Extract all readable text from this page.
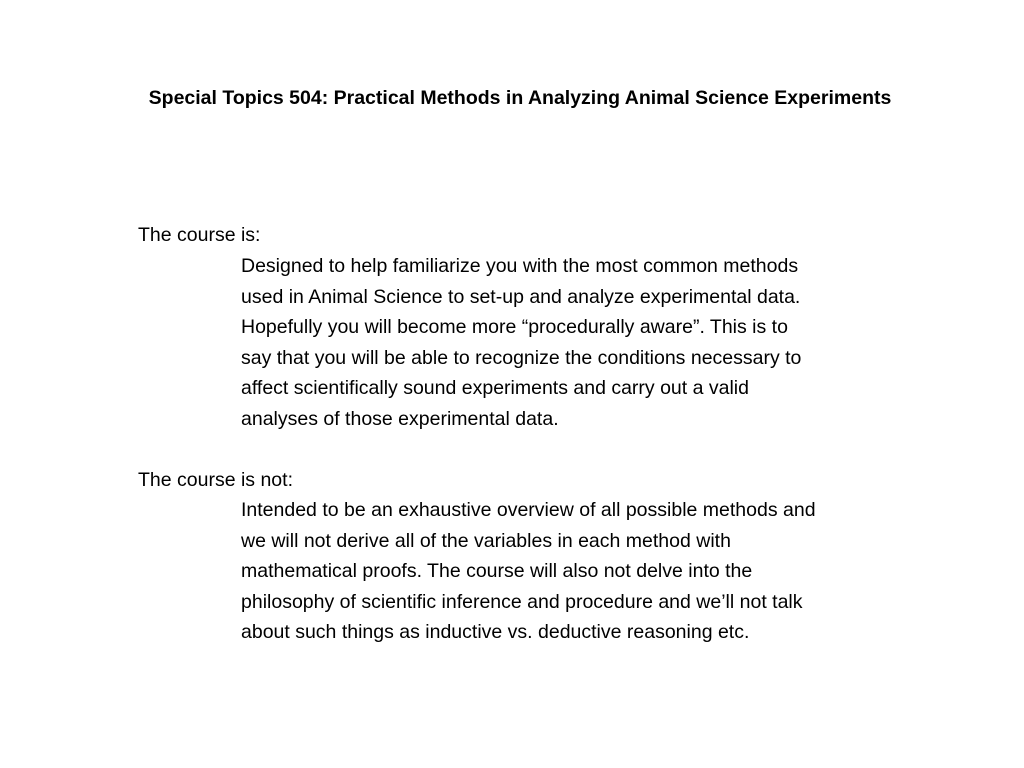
Special Topics 504: Practical Methods in Analyzing Animal Science Experiments
The course is:
Designed to help familiarize you with the most common methods
used in Animal Science to set-up and analyze experimental data.
Hopefully you will become more “procedurally aware”. This is to
say that you will be able to recognize the conditions necessary to
affect scientifically sound experiments and carry out a valid
analyses of those experimental data.
The course is not:
Intended to be an exhaustive overview of all possible methods and
we will not derive all of the variables in each method with
mathematical proofs. The course will also not delve into the
philosophy of scientific inference and procedure and we’ll not talk
about such things as inductive vs. deductive reasoning etc.
